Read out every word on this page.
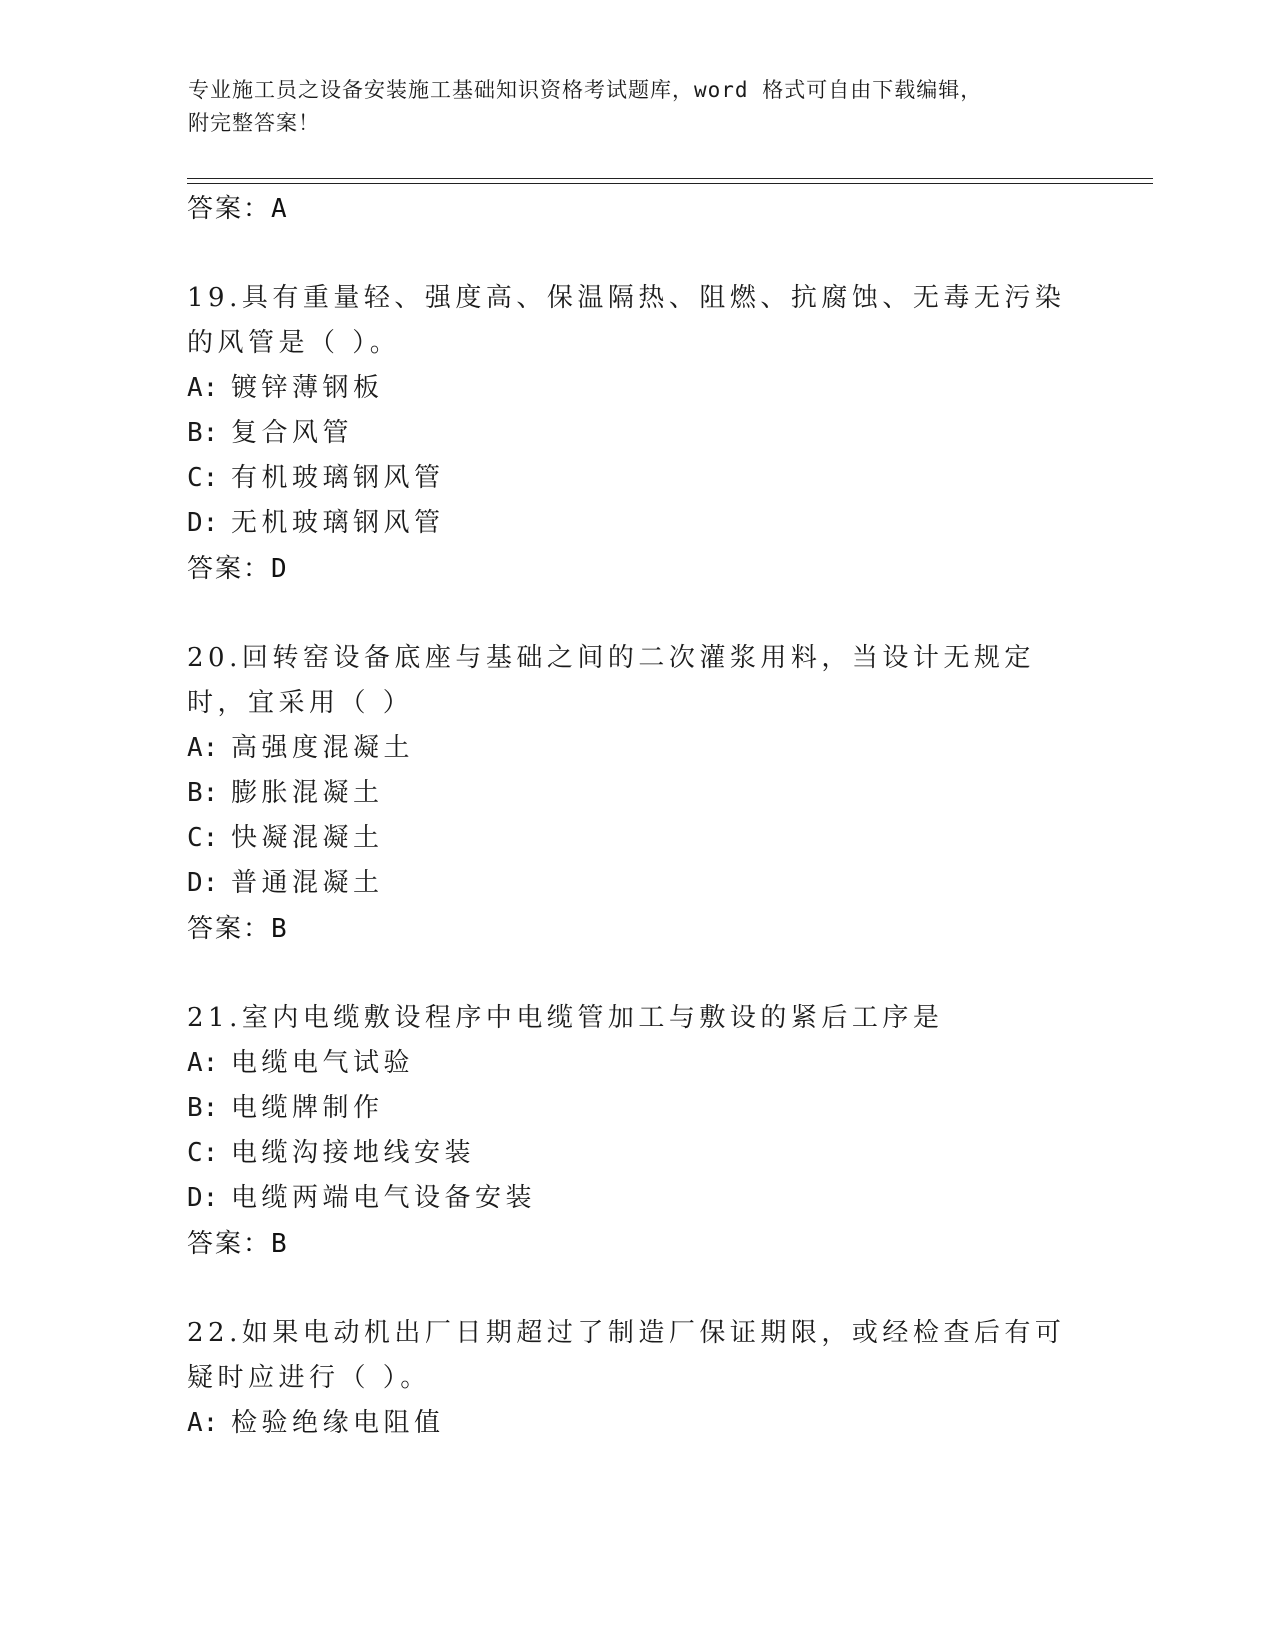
专业施工员之设备安装施工基础知识资格考试题库，word 格式可自由下载编辑，
附完整答案！
答案：A
19.具有重量轻、强度高、保温隔热、阻燃、抗腐蚀、无毒无污染的风管是（ ）。
A: 镀锌薄钢板
B: 复合风管
C: 有机玻璃钢风管
D: 无机玻璃钢风管
答案：D
20.回转窑设备底座与基础之间的二次灌浆用料，当设计无规定时，宜采用（ ）
A: 高强度混凝土
B: 膨胀混凝土
C: 快凝混凝土
D: 普通混凝土
答案：B
21.室内电缆敷设程序中电缆管加工与敷设的紧后工序是
A: 电缆电气试验
B: 电缆牌制作
C: 电缆沟接地线安装
D: 电缆两端电气设备安装
答案：B
22.如果电动机出厂日期超过了制造厂保证期限，或经检查后有可疑时应进行（ ）。
A: 检验绝缘电阻值
